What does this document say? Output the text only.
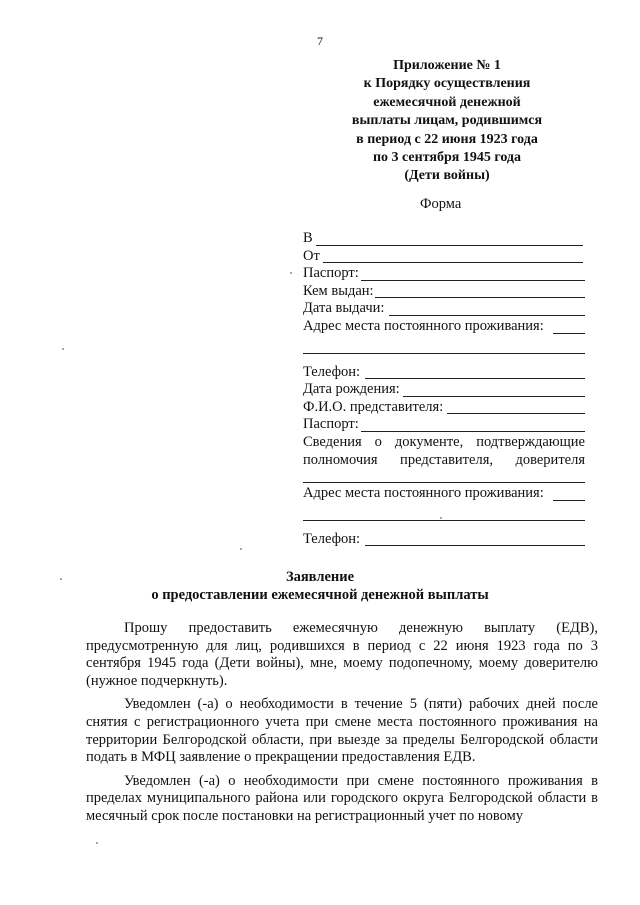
7
Приложение № 1
к Порядку осуществления
ежемесячной денежной
выплаты лицам, родившимся
в период с 22 июня 1923 года
по 3 сентября 1945 года
(Дети войны)
Форма
В
От
Паспорт:
Кем выдан:
Дата выдачи:
Адрес места постоянного проживания:
Телефон:
Дата рождения:
Ф.И.О. представителя:
Паспорт:
Сведения о документе, подтверждающие
полномочия представителя, доверителя
Адрес места постоянного проживания:
Телефон:
Заявление
о предоставлении ежемесячной денежной выплаты

Прошу предоставить ежемесячную денежную выплату (ЕДВ), предусмотренную для лиц, родившихся в период с 22 июня 1923 года по 3 сентября 1945 года (Дети войны), мне, моему подопечному, моему доверителю (нужное подчеркнуть).

Уведомлен (-а) о необходимости в течение 5 (пяти) рабочих дней после снятия с регистрационного учета при смене места постоянного проживания на территории Белгородской области, при выезде за пределы Белгородской области подать в МФЦ заявление о прекращении предоставления ЕДВ.

Уведомлен (-а) о необходимости при смене постоянного проживания в пределах муниципального района или городского округа Белгородской области в месячный срок после постановки на регистрационный учет по новому
